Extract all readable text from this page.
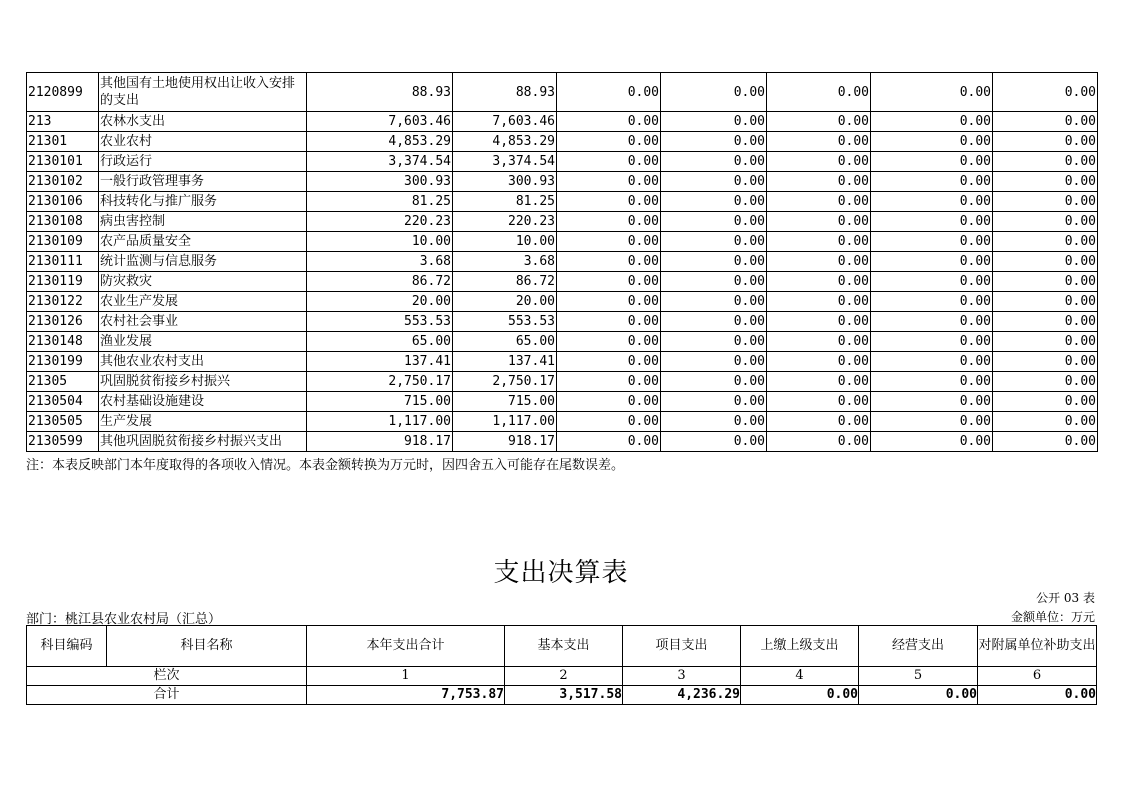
2120899	其他国有土地使用权出让收入安排的支出	88.93	88.93	0.00	0.00	0.00	0.00	0.00
213	农林水支出	7,603.46	7,603.46	0.00	0.00	0.00	0.00	0.00
21301	农业农村	4,853.29	4,853.29	0.00	0.00	0.00	0.00	0.00
2130101	行政运行	3,374.54	3,374.54	0.00	0.00	0.00	0.00	0.00
2130102	一般行政管理事务	300.93	300.93	0.00	0.00	0.00	0.00	0.00
2130106	科技转化与推广服务	81.25	81.25	0.00	0.00	0.00	0.00	0.00
2130108	病虫害控制	220.23	220.23	0.00	0.00	0.00	0.00	0.00
2130109	农产品质量安全	10.00	10.00	0.00	0.00	0.00	0.00	0.00
2130111	统计监测与信息服务	3.68	3.68	0.00	0.00	0.00	0.00	0.00
2130119	防灾救灾	86.72	86.72	0.00	0.00	0.00	0.00	0.00
2130122	农业生产发展	20.00	20.00	0.00	0.00	0.00	0.00	0.00
2130126	农村社会事业	553.53	553.53	0.00	0.00	0.00	0.00	0.00
2130148	渔业发展	65.00	65.00	0.00	0.00	0.00	0.00	0.00
2130199	其他农业农村支出	137.41	137.41	0.00	0.00	0.00	0.00	0.00
21305	巩固脱贫衔接乡村振兴	2,750.17	2,750.17	0.00	0.00	0.00	0.00	0.00
2130504	农村基础设施建设	715.00	715.00	0.00	0.00	0.00	0.00	0.00
2130505	生产发展	1,117.00	1,117.00	0.00	0.00	0.00	0.00	0.00
2130599	其他巩固脱贫衔接乡村振兴支出	918.17	918.17	0.00	0.00	0.00	0.00	0.00
注：本表反映部门本年度取得的各项收入情况。本表金额转换为万元时，因四舍五入可能存在尾数误差。
支出决算表
公开 03 表
部门：桃江县农业农村局（汇总）	金额单位：万元
科目编码	科目名称	本年支出合计	基本支出	项目支出	上缴上级支出	经营支出	对附属单位补助支出
栏次		1	2	3	4	5	6
合计		7,753.87	3,517.58	4,236.29	0.00	0.00	0.00
